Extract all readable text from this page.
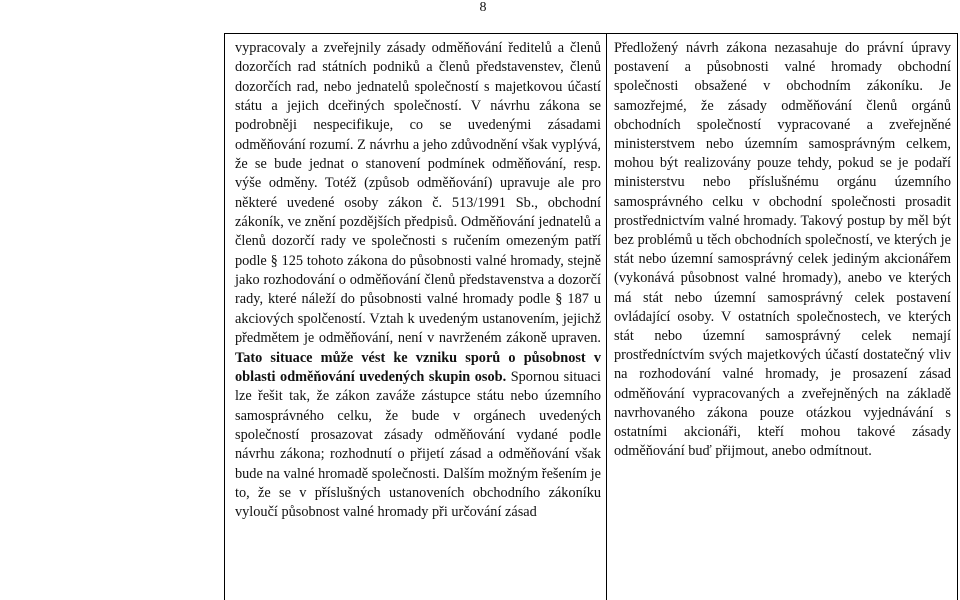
8
vypracovaly a zveřejnily zásady odměňování ředitelů a členů dozorčích rad státních podniků a členů představenstev, členů dozorčích rad, nebo jednatelů společností s majetkovou účastí státu a jejich dceřiných společností. V návrhu zákona se podrobněji nespecifikuje, co se uvedenými zásadami odměňování rozumí. Z návrhu a jeho zdůvodnění však vyplývá, že se bude jednat o stanovení podmínek odměňování, resp. výše odměny. Totéž (způsob odměňování) upravuje ale pro některé uvedené osoby zákon č. 513/1991 Sb., obchodní zákoník, ve znění pozdějších předpisů. Odměňování jednatelů a členů dozorčí rady ve společnosti s ručením omezeným patří podle § 125 tohoto zákona do působnosti valné hromady, stejně jako rozhodování o odměňování členů představenstva a dozorčí rady, které náleží do působnosti valné hromady podle § 187 u akciových spolčeností. Vztah k uvedeným ustanovením, jejichž předmětem je odměňování, není v navrženém zákoně upraven. Tato situace může vést ke vzniku sporů o působnost v oblasti odměňování uvedených skupin osob. Spornou situaci lze řešit tak, že zákon zaváže zástupce státu nebo územního samosprávného celku, že bude v orgánech uvedených společností prosazovat zásady odměňování vydané podle návrhu zákona; rozhodnutí o přijetí zásad a odměňování však bude na valné hromadě společnosti. Dalším možným řešením je to, že se v příslušných ustanoveních obchodního zákoníku vyloučí působnost valné hromady při určování zásad
Předložený návrh zákona nezasahuje do právní úpravy postavení a působnosti valné hromady obchodní společnosti obsažené v obchodním zákoníku. Je samozřejmé, že zásady odměňování členů orgánů obchodních společností vypracované a zveřejněné ministerstvem nebo územním samosprávným celkem, mohou být realizovány pouze tehdy, pokud se je podaří ministerstvu nebo příslušnému orgánu územního samosprávného celku v obchodní společnosti prosadit prostřednictvím valné hromady. Takový postup by měl být bez problémů u těch obchodních společností, ve kterých je stát nebo územní samosprávný celek jediným akcionářem (vykonává působnost valné hromady), anebo ve kterých má stát nebo územní samosprávný celek postavení ovládající osoby. V ostatních společnostech, ve kterých stát nebo územní samosprávný celek nemají prostředníctvím svých majetkových účastí dostatečný vliv na rozhodování valné hromady, je prosazení zásad odměňování vypracovaných a zveřejněných na základě navrhovaného zákona pouze otázkou vyjednávání s ostatními akcionáři, kteří mohou takové zásady odměňování buď přijmout, anebo odmítnout.
